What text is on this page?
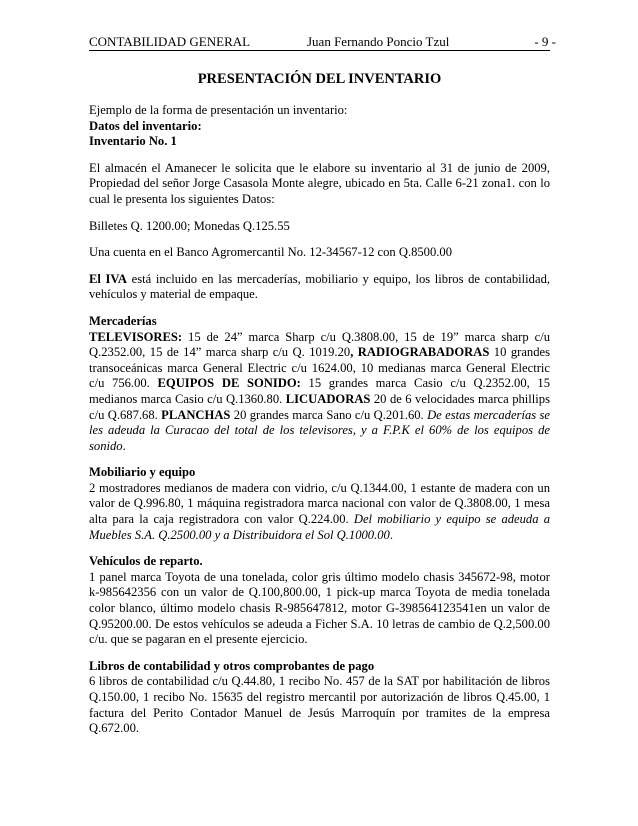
CONTABILIDAD GENERAL	Juan Fernando Poncio Tzul	- 9 -
PRESENTACIÓN DEL INVENTARIO

Ejemplo de la forma de presentación un inventario:
Datos del inventario:
Inventario No. 1

El almacén el Amanecer le solicita que le elabore su inventario al 31 de junio de 2009, Propiedad del señor Jorge Casasola Monte alegre, ubicado en 5ta. Calle 6-21 zona1. con lo cual le presenta los siguientes Datos:

Billetes Q. 1200.00; Monedas Q.125.55

Una cuenta en el Banco Agromercantil No. 12-34567-12 con Q.8500.00

El IVA está incluido en las mercaderías, mobiliario y equipo, los libros de contabilidad, vehículos y material de empaque.

Mercaderías
TELEVISORES: 15 de 24” marca Sharp c/u Q.3808.00, 15 de 19” marca sharp c/u Q.2352.00, 15 de 14” marca sharp c/u Q. 1019.20, RADIOGRABADORAS 10 grandes transoceánicas marca General Electric c/u 1624.00, 10 medianas marca General Electric c/u 756.00. EQUIPOS DE SONIDO: 15 grandes marca Casio c/u Q.2352.00, 15 medianos marca Casio c/u Q.1360.80. LICUADORAS 20 de 6 velocidades marca phillips c/u Q.687.68. PLANCHAS 20 grandes marca Sano c/u Q.201.60. De estas mercaderías se les adeuda la Curacao del total de los televisores, y a F.P.K el 60% de los equipos de sonido.

Mobiliario y equipo
2 mostradores medianos de madera con vidrio, c/u Q.1344.00, 1 estante de madera con un valor de Q.996.80, 1 máquina registradora marca nacional con valor de Q.3808.00, 1 mesa alta para la caja registradora con valor Q.224.00. Del mobiliario y equipo se adeuda a Muebles S.A. Q.2500.00 y a Distribuidora el Sol Q.1000.00.

Vehículos de reparto.
1 panel marca Toyota de una tonelada, color gris último modelo chasis 345672-98, motor k-985642356 con un valor de Q.100,800.00, 1 pick-up marca Toyota de media tonelada color blanco, último modelo chasis R-985647812, motor G-398564123541en un valor de Q.95200.00. De estos vehículos se adeuda a Ficher S.A. 10 letras de cambio de Q.2,500.00 c/u. que se pagaran en el presente ejercicio.

Libros de contabilidad y otros comprobantes de pago
6 libros de contabilidad c/u Q.44.80, 1 recibo No. 457 de la SAT por habilitación de libros Q.150.00, 1 recibo No. 15635 del registro mercantil por autorización de libros Q.45.00, 1 factura del Perito Contador Manuel de Jesús Marroquín por tramites de la empresa Q.672.00.
